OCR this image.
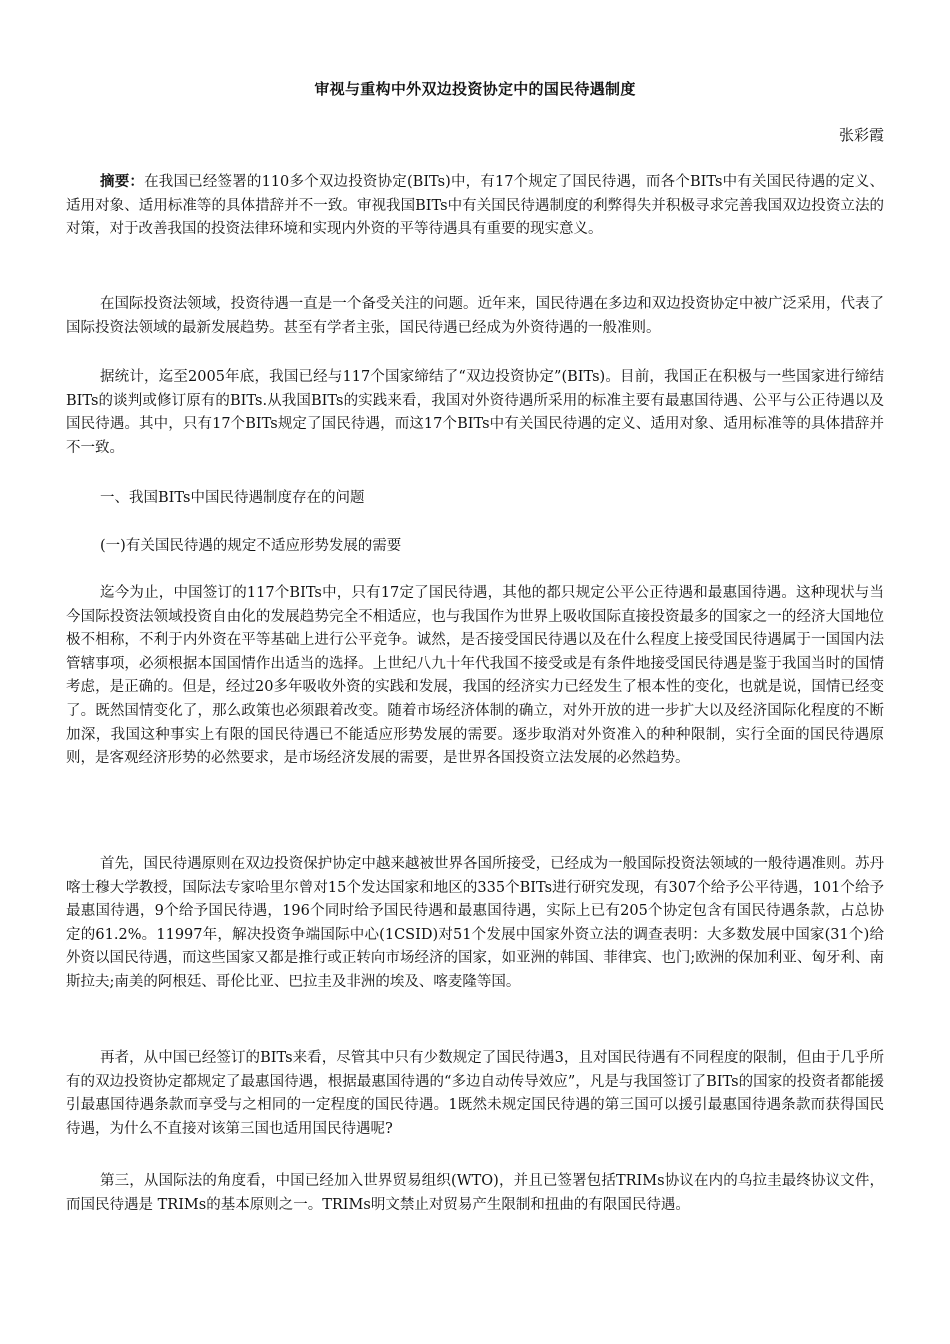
审视与重构中外双边投资协定中的国民待遇制度
张彩霞

摘要：在我国已经签署的110多个双边投资协定(BITs)中，有17个规定了国民待遇，而各个BITs中有关国民待遇的定义、适用对象、适用标准等的具体措辞并不一致。审视我国BITs中有关国民待遇制度的利弊得失并积极寻求完善我国双边投资立法的对策，对于改善我国的投资法律环境和实现内外资的平等待遇具有重要的现实意义。

在国际投资法领域，投资待遇一直是一个备受关注的问题。近年来，国民待遇在多边和双边投资协定中被广泛采用，代表了国际投资法领域的最新发展趋势。甚至有学者主张，国民待遇已经成为外资待遇的一般准则。

据统计，迄至2005年底，我国已经与117个国家缔结了“双边投资协定”(BITs)。目前，我国正在积极与一些国家进行缔结BITs的谈判或修订原有的BITs.从我国BITs的实践来看，我国对外资待遇所采用的标准主要有最惠国待遇、公平与公正待遇以及国民待遇。其中，只有17个BITs规定了国民待遇，而这17个BITs中有关国民待遇的定义、适用对象、适用标准等的具体措辞并不一致。

一、我国BITs中国民待遇制度存在的问题

(一)有关国民待遇的规定不适应形势发展的需要

迄今为止，中国签订的117个BITs中，只有17定了国民待遇，其他的都只规定公平公正待遇和最惠国待遇。这种现状与当今国际投资法领域投资自由化的发展趋势完全不相适应，也与我国作为世界上吸收国际直接投资最多的国家之一的经济大国地位极不相称，不利于内外资在平等基础上进行公平竞争。诚然，是否接受国民待遇以及在什么程度上接受国民待遇属于一国国内法管辖事项，必须根据本国国情作出适当的选择。上世纪八九十年代我国不接受或是有条件地接受国民待遇是鉴于我国当时的国情考虑，是正确的。但是，经过20多年吸收外资的实践和发展，我国的经济实力已经发生了根本性的变化，也就是说，国情已经变了。既然国情变化了，那么政策也必须跟着改变。随着市场经济体制的确立，对外开放的进一步扩大以及经济国际化程度的不断加深，我国这种事实上有限的国民待遇已不能适应形势发展的需要。逐步取消对外资准入的种种限制，实行全面的国民待遇原则，是客观经济形势的必然要求，是市场经济发展的需要，是世界各国投资立法发展的必然趋势。

首先，国民待遇原则在双边投资保护协定中越来越被世界各国所接受，已经成为一般国际投资法领域的一般待遇准则。苏丹喀士穆大学教授，国际法专家哈里尔曾对15个发达国家和地区的335个BITs进行研究发现，有307个给予公平待遇，101个给予最惠国待遇，9个给予国民待遇，196个同时给予国民待遇和最惠国待遇，实际上已有205个协定包含有国民待遇条款，占总协定的61.2%。11997年，解决投资争端国际中心(1CSID)对51个发展中国家外资立法的调查表明：大多数发展中国家(31个)给外资以国民待遇，而这些国家又都是推行或正转向市场经济的国家，如亚洲的韩国、菲律宾、也门;欧洲的保加利亚、匈牙利、南斯拉夫;南美的阿根廷、哥伦比亚、巴拉圭及非洲的埃及、喀麦隆等国。

再者，从中国已经签订的BITs来看，尽管其中只有少数规定了国民待遇3，且对国民待遇有不同程度的限制，但由于几乎所有的双边投资协定都规定了最惠国待遇，根据最惠国待遇的“多边自动传导效应”，凡是与我国签订了BITs的国家的投资者都能援引最惠国待遇条款而享受与之相同的一定程度的国民待遇。1既然未规定国民待遇的第三国可以援引最惠国待遇条款而获得国民待遇，为什么不直接对该第三国也适用国民待遇呢?

第三，从国际法的角度看，中国已经加入世界贸易组织(WTO)，并且已签署包括TRIMs协议在内的乌拉圭最终协议文件，而国民待遇是 TRIMs的基本原则之一。TRIMs明文禁止对贸易产生限制和扭曲的有限国民待遇。
